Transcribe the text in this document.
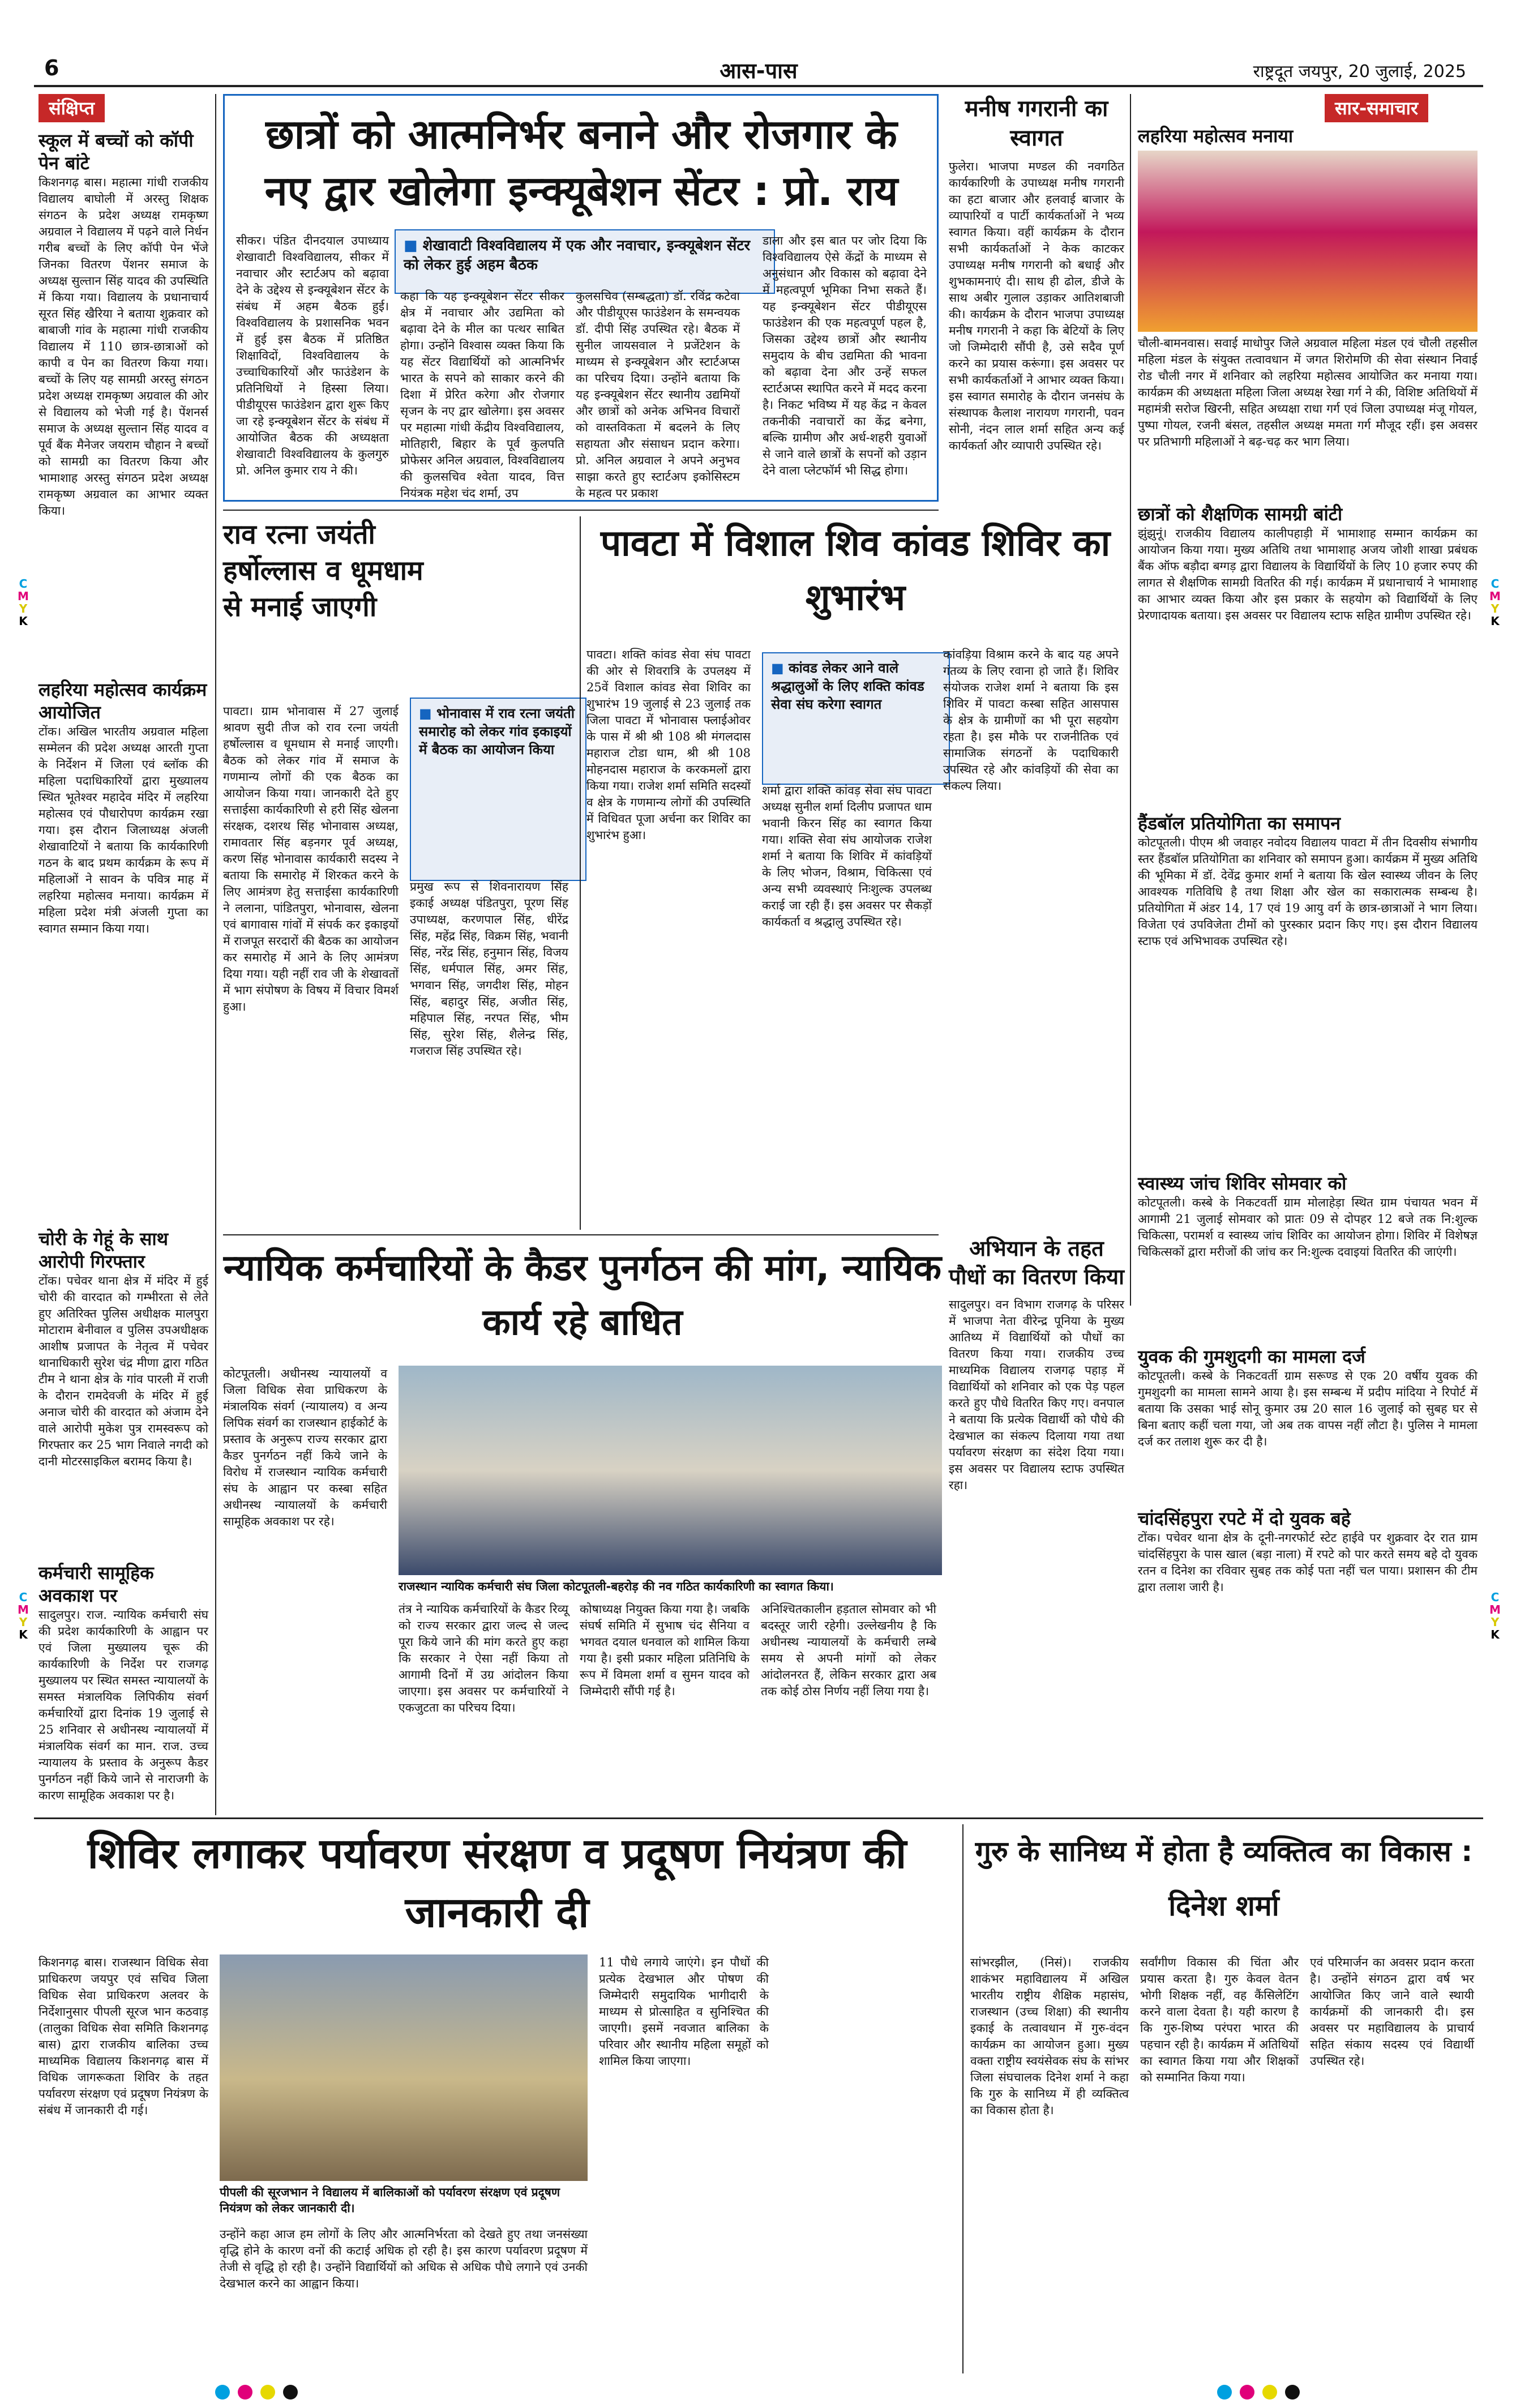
6	आस-पास	राष्ट्रदूत जयपुर, 20 जुलाई, 2025
संक्षिप्त
स्कूल में बच्चों को कॉपी पेन बांटे
किशनगढ़ बास। महात्मा गांधी राजकीय विद्यालय बाघोली में अरस्तु शिक्षक संगठन के प्रदेश अध्यक्ष रामकृष्ण अग्रवाल ने विद्यालय में पढ़ने वाले निर्धन गरीब बच्चों के लिए कॉपी पेन भेंजे जिनका वितरण पेंशनर समाज के अध्यक्ष सुल्तान सिंह यादव की उपस्थिति में किया गया। विद्यालय के प्रधानाचार्य सूरत सिंह खैरिया ने बताया शुक्रवार को बाबाजी गांव के महात्मा गांधी राजकीय विद्यालय में 110 छात्र-छात्राओं को कापी व पेन का वितरण किया गया। बच्चों के लिए यह सामग्री अरस्तु संगठन प्रदेश अध्यक्ष रामकृष्ण अग्रवाल की ओर से विद्यालय को भेजी गई है। पेंशनर्स समाज के अध्यक्ष सुल्तान सिंह यादव व पूर्व बैंक मैनेजर जयराम चौहान ने बच्चों को सामग्री का वितरण किया और भामाशाह अरस्तु संगठन प्रदेश अध्यक्ष रामकृष्ण अग्रवाल का आभार व्यक्त किया।
लहरिया महोत्सव कार्यक्रम आयोजित
टोंक। अखिल भारतीय अग्रवाल महिला सम्मेलन की प्रदेश अध्यक्ष आरती गुप्ता के निर्देशन में जिला एवं ब्लॉक की महिला पदाधिकारियों द्वारा मुख्यालय स्थित भूतेश्वर महादेव मंदिर में लहरिया महोत्सव एवं पौधारोपण कार्यक्रम रखा गया। इस दौरान जिलाध्यक्ष अंजली शेखावाटियों ने बताया कि कार्यकारिणी गठन के बाद प्रथम कार्यक्रम के रूप में महिलाओं ने सावन के पवित्र माह में लहरिया महोत्सव मनाया। कार्यक्रम में महिला प्रदेश मंत्री अंजली गुप्ता का स्वागत सम्मान किया गया।
चोरी के गेहूं के साथ आरोपी गिरफ्तार
टोंक। पचेवर थाना क्षेत्र में मंदिर में हुई चोरी की वारदात को गम्भीरता से लेते हुए अतिरिक्त पुलिस अधीक्षक मालपुरा मोटाराम बेनीवाल व पुलिस उपअधीक्षक आशीष प्रजापत के नेतृत्व में पचेवर थानाधिकारी सुरेश चंद्र मीणा द्वारा गठित टीम ने थाना क्षेत्र के गांव पारली में राजी के दौरान रामदेवजी के मंदिर में हुई अनाज चोरी की वारदात को अंजाम देने वाले आरोपी मुकेश पुत्र रामस्वरूप को गिरफ्तार कर 25 भाग निवाले नगदी को दानी मोटरसाइकिल बरामद किया है।
कर्मचारी सामूहिक अवकाश पर
सादुलपुर। राज. न्यायिक कर्मचारी संघ की प्रदेश कार्यकारिणी के आह्वान पर एवं जिला मुख्यालय चूरू की कार्यकारिणी के निर्देश पर राजगढ़ मुख्यालय पर स्थित समस्त न्यायालयों के समस्त मंत्रालयिक लिपिकीय संवर्ग कर्मचारियों द्वारा दिनांक 19 जुलाई से 25 शनिवार से अधीनस्थ न्यायालयों में मंत्रालयिक संवर्ग का मान. राज. उच्च न्यायालय के प्रस्ताव के अनुरूप कैडर पुनर्गठन नहीं किये जाने से नाराजगी के कारण सामूहिक अवकाश पर है।
छात्रों को आत्मनिर्भर बनाने और रोजगार के नए द्वार खोलेगा इन्क्यूबेशन सेंटर : प्रो. राय
■ शेखावाटी विश्वविद्यालय में एक और नवाचार, इन्क्यूबेशन सेंटर को लेकर हुई अहम बैठक
सीकर। पंडित दीनदयाल उपाध्याय शेखावाटी विश्वविद्यालय, सीकर में नवाचार और स्टार्टअप को बढ़ावा देने के उद्देश्य से इन्क्यूबेशन सेंटर के संबंध में अहम बैठक हुई। विश्वविद्यालय के प्रशासनिक भवन में हुई इस बैठक में प्रतिष्ठित शिक्षाविदों, विश्वविद्यालय के उच्चाधिकारियों और फाउंडेशन के प्रतिनिधियों ने हिस्सा लिया। पीडीयूएस फाउंडेशन द्वारा शुरू किए जा रहे इन्क्यूबेशन सेंटर के संबंध में आयोजित बैठक की अध्यक्षता शेखावाटी विश्वविद्यालय के कुलगुरु प्रो. अनिल कुमार राय ने की।
कहा कि यह इन्क्यूबेशन सेंटर सीकर क्षेत्र में नवाचार और उद्यमिता को बढ़ावा देने के मील का पत्थर साबित होगा। उन्होंने विश्वास व्यक्त किया कि यह सेंटर विद्यार्थियों को आत्मनिर्भर भारत के सपने को साकार करने की दिशा में प्रेरित करेगा और रोजगार सृजन के नए द्वार खोलेगा। इस अवसर पर महात्मा गांधी केंद्रीय विश्वविद्यालय, मोतिहारी, बिहार के पूर्व कुलपति प्रोफेसर अनिल अग्रवाल, विश्वविद्यालय की कुलसचिव श्वेता यादव, वित्त नियंत्रक महेश चंद शर्मा, उप
कुलसचिव (सम्बद्धता) डॉ. रविंद्र कटेवा और पीडीयूएस फाउंडेशन के समन्वयक डॉ. दीपी सिंह उपस्थित रहे। बैठक में सुनील जायसवाल ने प्रजेंटेशन के माध्यम से इन्क्यूबेशन और स्टार्टअप्स का परिचय दिया। उन्होंने बताया कि यह इन्क्यूबेशन सेंटर स्थानीय उद्यमियों और छात्रों को अनेक अभिनव विचारों को वास्तविकता में बदलने के लिए सहायता और संसाधन प्रदान करेगा। प्रो. अनिल अग्रवाल ने अपने अनुभव साझा करते हुए स्टार्टअप इकोसिस्टम के महत्व पर प्रकाश
डाला और इस बात पर जोर दिया कि विश्वविद्यालय ऐसे केंद्रों के माध्यम से अनुसंधान और विकास को बढ़ावा देने में महत्वपूर्ण भूमिका निभा सकते हैं। यह इन्क्यूबेशन सेंटर पीडीयूएस फाउंडेशन की एक महत्वपूर्ण पहल है, जिसका उद्देश्य छात्रों और स्थानीय समुदाय के बीच उद्यमिता की भावना को बढ़ावा देना और उन्हें सफल स्टार्टअप्स स्थापित करने में मदद करना है। निकट भविष्य में यह केंद्र न केवल तकनीकी नवाचारों का केंद्र बनेगा, बल्कि ग्रामीण और अर्ध-शहरी युवाओं से जाने वाले छात्रों के सपनों को उड़ान देने वाला प्लेटफॉर्म भी सिद्ध होगा।
मनीष गगरानी का स्वागत
फुलेरा। भाजपा मण्डल की नवगठित कार्यकारिणी के उपाध्यक्ष मनीष गगरानी का हटा बाजार और हलवाई बाजार के व्यापारियों व पार्टी कार्यकर्ताओं ने भव्य स्वागत किया। वहीं कार्यक्रम के दौरान सभी कार्यकर्ताओं ने केक काटकर उपाध्यक्ष मनीष गगरानी को बधाई और शुभकामनाएं दी। साथ ही ढोल, डीजे के साथ अबीर गुलाल उड़ाकर आतिशबाजी की। कार्यक्रम के दौरान भाजपा उपाध्यक्ष मनीष गगरानी ने कहा कि बेटियों के लिए जो जिम्मेदारी सौंपी है, उसे सदैव पूर्ण करने का प्रयास करूंगा। इस अवसर पर सभी कार्यकर्ताओं ने आभार व्यक्त किया। इस स्वागत समारोह के दौरान जनसंघ के संस्थापक कैलाश नारायण गगरानी, पवन सोनी, नंदन लाल शर्मा सहित अन्य कई कार्यकर्ता और व्यापारी उपस्थित रहे।
सार-समाचार
लहरिया महोत्सव मनाया
चौली-बामनवास। सवाई माधोपुर जिले अग्रवाल महिला मंडल एवं चौली तहसील महिला मंडल के संयुक्त तत्वावधान में जगत शिरोमणि की सेवा संस्थान निवाई रोड चौली नगर में शनिवार को लहरिया महोत्सव आयोजित कर मनाया गया। कार्यक्रम की अध्यक्षता महिला जिला अध्यक्ष रेखा गर्ग ने की, विशिष्ट अतिथियों में महामंत्री सरोज खिरनी, सहित अध्यक्षा राधा गर्ग एवं जिला उपाध्यक्ष मंजू गोयल, पुष्पा गोयल, रजनी बंसल, तहसील अध्यक्ष ममता गर्ग मौजूद रहीं। इस अवसर पर प्रतिभागी महिलाओं ने बढ़-चढ़ कर भाग लिया।
छात्रों को शैक्षणिक सामग्री बांटी
झुंझुनूं। राजकीय विद्यालय कालीपहाड़ी में भामाशाह सम्मान कार्यक्रम का आयोजन किया गया। मुख्य अतिथि तथा भामाशाह अजय जोशी शाखा प्रबंधक बैंक ऑफ बड़ौदा बग्गड़ द्वारा विद्यालय के विद्यार्थियों के लिए 10 हजार रुपए की लागत से शैक्षणिक सामग्री वितरित की गई। कार्यक्रम में प्रधानाचार्य ने भामाशाह का आभार व्यक्त किया और इस प्रकार के सहयोग को विद्यार्थियों के लिए प्रेरणादायक बताया। इस अवसर पर विद्यालय स्टाफ सहित ग्रामीण उपस्थित रहे।
हैंडबॉल प्रतियोगिता का समापन
कोटपूतली। पीएम श्री जवाहर नवोदय विद्यालय पावटा में तीन दिवसीय संभागीय स्तर हैंडबॉल प्रतियोगिता का शनिवार को समापन हुआ। कार्यक्रम में मुख्य अतिथि की भूमिका में डॉ. देवेंद्र कुमार शर्मा ने बताया कि खेल स्वास्थ्य जीवन के लिए आवश्यक गतिविधि है तथा शिक्षा और खेल का सकारात्मक सम्बन्ध है। प्रतियोगिता में अंडर 14, 17 एवं 19 आयु वर्ग के छात्र-छात्राओं ने भाग लिया। विजेता एवं उपविजेता टीमों को पुरस्कार प्रदान किए गए। इस दौरान विद्यालय स्टाफ एवं अभिभावक उपस्थित रहे।
स्वास्थ्य जांच शिविर सोमवार को
कोटपूतली। कस्बे के निकटवर्ती ग्राम मोलाहेड़ा स्थित ग्राम पंचायत भवन में आगामी 21 जुलाई सोमवार को प्रातः 09 से दोपहर 12 बजे तक नि:शुल्क चिकित्सा, परामर्श व स्वास्थ्य जांच शिविर का आयोजन होगा। शिविर में विशेषज्ञ चिकित्सकों द्वारा मरीजों की जांच कर नि:शुल्क दवाइयां वितरित की जाएंगी।
युवक की गुमशुदगी का मामला दर्ज
कोटपूतली। कस्बे के निकटवर्ती ग्राम सरूण्ड से एक 20 वर्षीय युवक की गुमशुदगी का मामला सामने आया है। इस सम्बन्ध में प्रदीप मांदिया ने रिपोर्ट में बताया कि उसका भाई सोनू कुमार उम्र 20 साल 16 जुलाई को सुबह घर से बिना बताए कहीं चला गया, जो अब तक वापस नहीं लौटा है। पुलिस ने मामला दर्ज कर तलाश शुरू कर दी है।
चांदसिंहपुरा रपटे में दो युवक बहे
टोंक। पचेवर थाना क्षेत्र के दूनी-नगरफोर्ट स्टेट हाईवे पर शुक्रवार देर रात ग्राम चांदसिंहपुरा के पास खाल (बड़ा नाला) में रपटे को पार करते समय बहे दो युवक रतन व दिनेश का रविवार सुबह तक कोई पता नहीं चल पाया। प्रशासन की टीम द्वारा तलाश जारी है।
राव रत्ना जयंती हर्षोल्लास व धूमधाम से मनाई जाएगी
■ भोनावास में राव रत्ना जयंती समारोह को लेकर गांव इकाइयों में बैठक का आयोजन किया
पावटा। ग्राम भोनावास में 27 जुलाई श्रावण सुदी तीज को राव रत्ना जयंती हर्षोल्लास व धूमधाम से मनाई जाएगी। बैठक को लेकर गांव में समाज के गणमान्य लोगों की एक बैठक का आयोजन किया गया। जानकारी देते हुए सत्ताईसा कार्यकारिणी से हरी सिंह खेलना संरक्षक, दशरथ सिंह भोनावास अध्यक्ष, रामावतार सिंह बड़नगर पूर्व अध्यक्ष, करण सिंह भोनावास कार्यकारी सदस्य ने बताया कि समारोह में शिरकत करने के लिए आमंत्रण हेतु सत्ताईसा कार्यकारिणी ने ललाना, पांडितपुरा, भोनावास, खेलना एवं बागावास गांवों में संपर्क कर इकाइयों में राजपूत सरदारों की बैठक का आयोजन कर समारोह में आने के लिए आमंत्रण दिया गया। यही नहीं राव जी के शेखावतों में भाग संपोषण के विषय में विचार विमर्श हुआ।
प्रमुख रूप से शिवनारायण सिंह इकाई अध्यक्ष पंडितपुरा, पूरण सिंह उपाध्यक्ष, करणपाल सिंह, धीरेंद्र सिंह, महेंद्र सिंह, विक्रम सिंह, भवानी सिंह, नरेंद्र सिंह, हनुमान सिंह, विजय सिंह, धर्मपाल सिंह, अमर सिंह, भगवान सिंह, जगदीश सिंह, मोहन सिंह, बहादुर सिंह, अजीत सिंह, महिपाल सिंह, नरपत सिंह, भीम सिंह, सुरेश सिंह, शैलेन्द्र सिंह, गजराज सिंह उपस्थित रहे।
पावटा में विशाल शिव कांवड शिविर का शुभारंभ
■ कांवड लेकर आने वाले श्रद्धालुओं के लिए शक्ति कांवड सेवा संघ करेगा स्वागत
पावटा। शक्ति कांवड सेवा संघ पावटा की ओर से शिवरात्रि के उपलक्ष्य में 25वें विशाल कांवड सेवा शिविर का शुभारंभ 19 जुलाई से 23 जुलाई तक जिला पावटा में भोनावास फ्लाईओवर के पास में श्री श्री 108 श्री मंगलदास महाराज टोडा धाम, श्री श्री 108 मोहनदास महाराज के करकमलों द्वारा किया गया। राजेश शर्मा समिति सदस्यों व क्षेत्र के गणमान्य लोगों की उपस्थिति में विधिवत पूजा अर्चना कर शिविर का शुभारंभ हुआ।
शर्मा द्वारा शक्ति कांवड़ सेवा संघ पावटा अध्यक्ष सुनील शर्मा दिलीप प्रजापत धाम भवानी किरन सिंह का स्वागत किया गया। शक्ति सेवा संघ आयोजक राजेश शर्मा ने बताया कि शिविर में कांवड़ियों के लिए भोजन, विश्राम, चिकित्सा एवं अन्य सभी व्यवस्थाएं निःशुल्क उपलब्ध कराई जा रही हैं। इस अवसर पर सैकड़ों कार्यकर्ता व श्रद्धालु उपस्थित रहे।
कांवड़िया विश्राम करने के बाद यह अपने गंतव्य के लिए रवाना हो जाते हैं। शिविर संयोजक राजेश शर्मा ने बताया कि इस शिविर में पावटा कस्बा सहित आसपास के क्षेत्र के ग्रामीणों का भी पूरा सहयोग रहता है। इस मौके पर राजनीतिक एवं सामाजिक संगठनों के पदाधिकारी उपस्थित रहे और कांवड़ियों की सेवा का संकल्प लिया।
अभियान के तहत पौधों का वितरण किया
सादुलपुर। वन विभाग राजगढ़ के परिसर में भाजपा नेता वीरेन्द्र पूनिया के मुख्य आतिथ्य में विद्यार्थियों को पौधों का वितरण किया गया। राजकीय उच्च माध्यमिक विद्यालय राजगढ़ पहाड़ में विद्यार्थियों को शनिवार को एक पेड़ पहल करते हुए पौधे वितरित किए गए। वनपाल ने बताया कि प्रत्येक विद्यार्थी को पौधे की देखभाल का संकल्प दिलाया गया तथा पर्यावरण संरक्षण का संदेश दिया गया। इस अवसर पर विद्यालय स्टाफ उपस्थित रहा।
न्यायिक कर्मचारियों के कैडर पुनर्गठन की मांग, न्यायिक कार्य रहे बाधित
कोटपूतली। अधीनस्थ न्यायालयों व जिला विधिक सेवा प्राधिकरण के मंत्रालयिक संवर्ग (न्यायालय) व अन्य लिपिक संवर्ग का राजस्थान हाईकोर्ट के प्रस्ताव के अनुरूप राज्य सरकार द्वारा कैडर पुनर्गठन नहीं किये जाने के विरोध में राजस्थान न्यायिक कर्मचारी संघ के आह्वान पर कस्बा सहित अधीनस्थ न्यायालयों के कर्मचारी सामूहिक अवकाश पर रहे।
राजस्थान न्यायिक कर्मचारी संघ जिला कोटपूतली-बहरोड़ की नव गठित कार्यकारिणी का स्वागत किया।
तंत्र ने न्यायिक कर्मचारियों के कैडर रिव्यू को राज्य सरकार द्वारा जल्द से जल्द पूरा किये जाने की मांग करते हुए कहा कि सरकार ने ऐसा नहीं किया तो आगामी दिनों में उग्र आंदोलन किया जाएगा। इस अवसर पर कर्मचारियों ने एकजुटता का परिचय दिया।
कोषाध्यक्ष नियुक्त किया गया है। जबकि संघर्ष समिति में सुभाष चंद सैनिया व भगवत दयाल धनवाल को शामिल किया गया है। इसी प्रकार महिला प्रतिनिधि के रूप में विमला शर्मा व सुमन यादव को जिम्मेदारी सौंपी गई है।
अनिश्चितकालीन हड़ताल सोमवार को भी बदस्तूर जारी रहेगी। उल्लेखनीय है कि अधीनस्थ न्यायालयों के कर्मचारी लम्बे समय से अपनी मांगों को लेकर आंदोलनरत हैं, लेकिन सरकार द्वारा अब तक कोई ठोस निर्णय नहीं लिया गया है।
शिविर लगाकर पर्यावरण संरक्षण व प्रदूषण नियंत्रण की जानकारी दी
किशनगढ़ बास। राजस्थान विधिक सेवा प्राधिकरण जयपुर एवं सचिव जिला विधिक सेवा प्राधिकरण अलवर के निर्देशानुसार पीपली सूरज भान कठवाड़ (तालुका विधिक सेवा समिति किशनगढ़ बास) द्वारा राजकीय बालिका उच्च माध्यमिक विद्यालय किशनगढ़ बास में विधिक जागरूकता शिविर के तहत पर्यावरण संरक्षण एवं प्रदूषण नियंत्रण के संबंध में जानकारी दी गई।
पीपली की सूरजभान ने विद्यालय में बालिकाओं को पर्यावरण संरक्षण एवं प्रदूषण नियंत्रण को लेकर जानकारी दी।
उन्होंने कहा आज हम लोगों के लिए और आत्मनिर्भरता को देखते हुए तथा जनसंख्या वृद्धि होने के कारण वनों की कटाई अधिक हो रही है। इस कारण पर्यावरण प्रदूषण में तेजी से वृद्धि हो रही है। उन्होंने विद्यार्थियों को अधिक से अधिक पौधे लगाने एवं उनकी देखभाल करने का आह्वान किया।
11 पौधे लगाये जाएंगे। इन पौधों की प्रत्येक देखभाल और पोषण की जिम्मेदारी समुदायिक भागीदारी के माध्यम से प्रोत्साहित व सुनिश्चित की जाएगी। इसमें नवजात बालिका के परिवार और स्थानीय महिला समूहों को शामिल किया जाएगा।
गुरु के सानिध्य में होता है व्यक्तित्व का विकास : दिनेश शर्मा
सांभरझील, (निसं)। राजकीय शाकंभर महाविद्यालय में अखिल भारतीय राष्ट्रीय शैक्षिक महासंघ, राजस्थान (उच्च शिक्षा) की स्थानीय इकाई के तत्वावधान में गुरु-वंदन कार्यक्रम का आयोजन हुआ। मुख्य वक्ता राष्ट्रीय स्वयंसेवक संघ के सांभर जिला संघचालक दिनेश शर्मा ने कहा कि गुरु के सानिध्य में ही व्यक्तित्व का विकास होता है।
सर्वांगीण विकास की चिंता और प्रयास करता है। गुरु केवल वेतन भोगी शिक्षक नहीं, वह कैंसिलेटिंग करने वाला देवता है। यही कारण है कि गुरु-शिष्य परंपरा भारत की पहचान रही है। कार्यक्रम में अतिथियों का स्वागत किया गया और शिक्षकों को सम्मानित किया गया।
एवं परिमार्जन का अवसर प्रदान करता है। उन्होंने संगठन द्वारा वर्ष भर आयोजित किए जाने वाले स्थायी कार्यक्रमों की जानकारी दी। इस अवसर पर महाविद्यालय के प्राचार्य सहित संकाय सदस्य एवं विद्यार्थी उपस्थित रहे।
C
M
Y
K
C
M
Y
K
C
M
Y
K
C
M
Y
K
